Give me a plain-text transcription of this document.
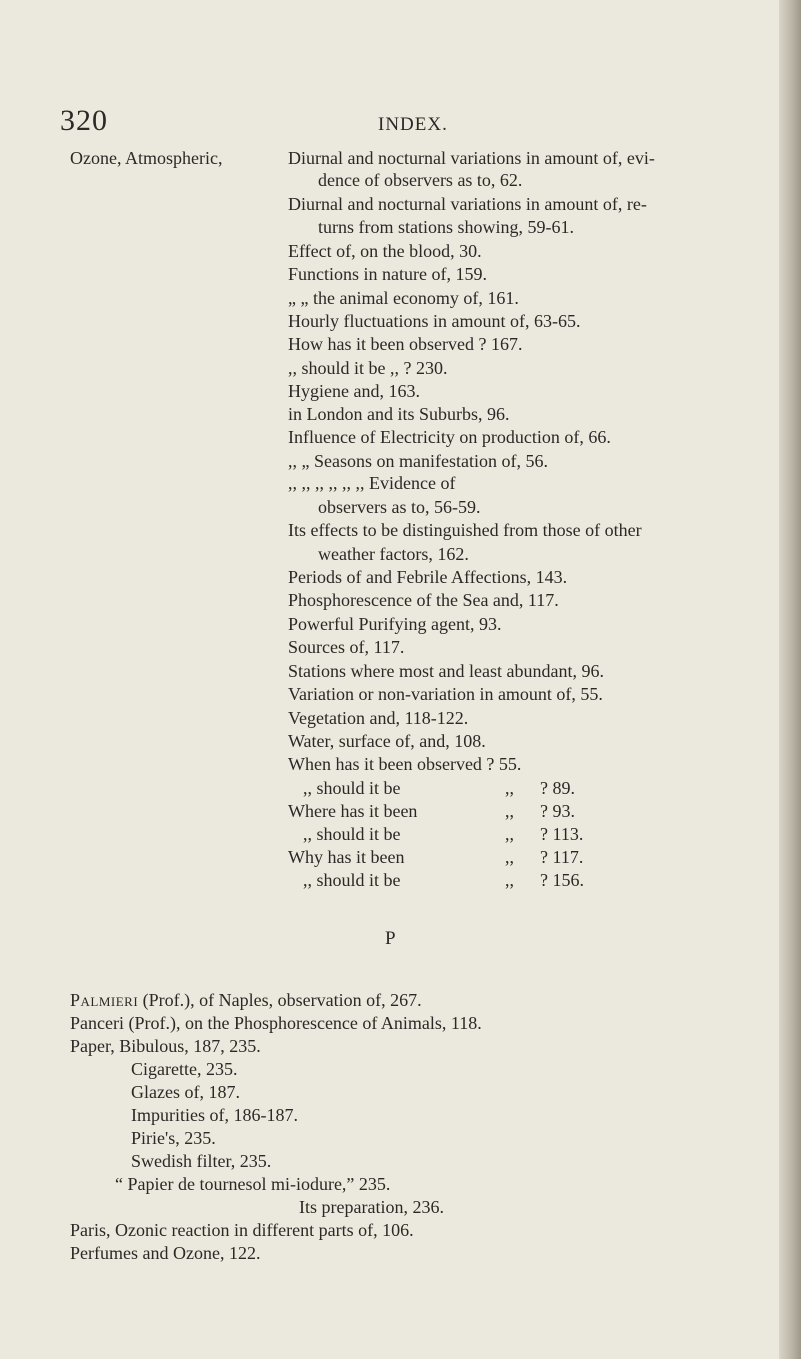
320	INDEX.
Ozone, Atmospheric,	Diurnal and nocturnal variations in amount of, evi-
dence of observers as to, 62.
Diurnal and nocturnal variations in amount of, re-
turns from stations showing, 59-61.
Effect of, on the blood, 30.
Functions in nature of, 159.
„ „ the animal economy of, 161.
Hourly fluctuations in amount of, 63-65.
How has it been observed ? 167.
,, should it be ,, ? 230.
Hygiene and, 163.
in London and its Suburbs, 96.
Influence of Electricity on production of, 66.
,, „ Seasons on manifestation of, 56.
,, ,, ,, ,, ,, ,, Evidence of
observers as to, 56-59.
Its effects to be distinguished from those of other
weather factors, 162.
Periods of and Febrile Affections, 143.
Phosphorescence of the Sea and, 117.
Powerful Purifying agent, 93.
Sources of, 117.
Stations where most and least abundant, 96.
Variation or non-variation in amount of, 55.
Vegetation and, 118-122.
Water, surface of, and, 108.
When has it been observed ? 55.
,, should it be	,, ? 89.
Where has it been	,, ? 93.
,, should it be	,, ? 113.
Why has it been	,, ? 117.
,, should it be	,, ? 156.
P
Palmieri (Prof.), of Naples, observation of, 267.
Panceri (Prof.), on the Phosphorescence of Animals, 118.
Paper, Bibulous, 187, 235.
Cigarette, 235.
Glazes of, 187.
Impurities of, 186-187.
Pirie's, 235.
Swedish filter, 235.
“ Papier de tournesol mi-iodure,” 235.
Its preparation, 236.
Paris, Ozonic reaction in different parts of, 106.
Perfumes and Ozone, 122.
